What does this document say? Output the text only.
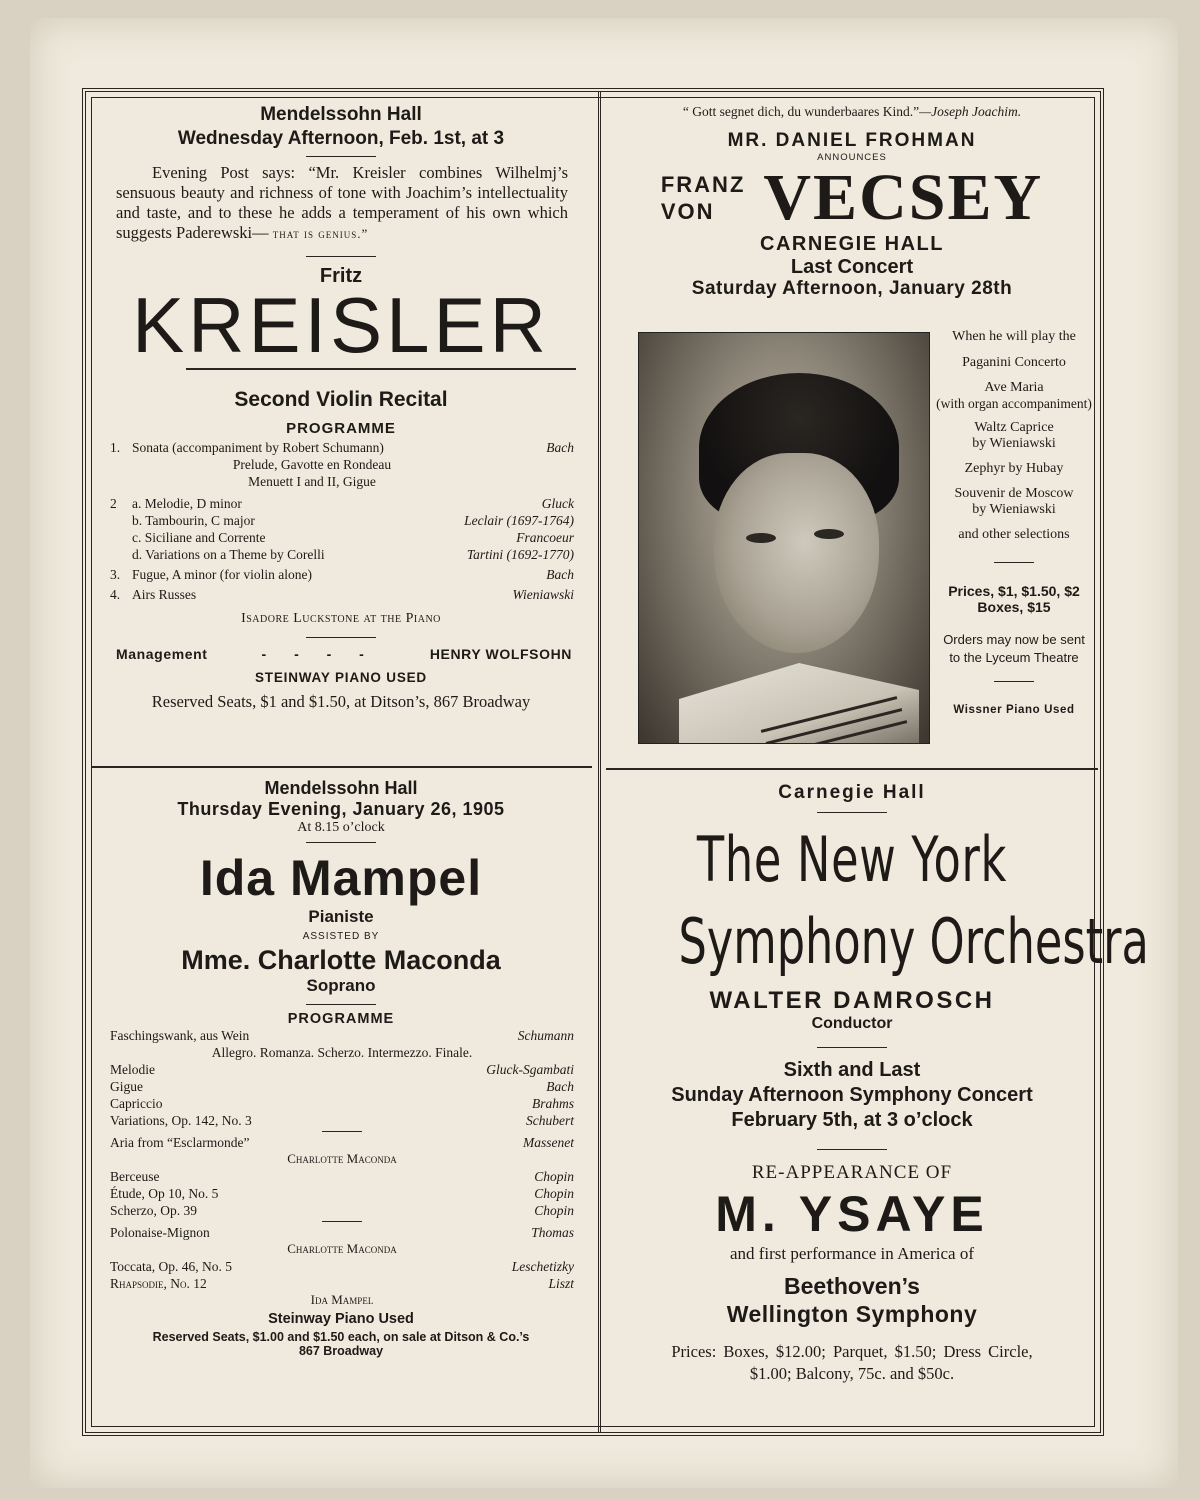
Mendelssohn Hall
Wednesday Afternoon, Feb. 1st, at 3
Evening Post says: “Mr. Kreisler combines Wilhelmj’s sensuous beauty and richness of tone with Joachim’s intellectuality and taste, and to these he adds a temperament of his own which suggests Paderewski— that is genius.”
Fritz
KREISLER
Second Violin Recital
PROGRAMME
1. Sonata (accompaniment by Robert Schumann)	Bach
Prelude, Gavotte en Rondeau
Menuett I and II, Gigue
2 a. Melodie, D minor	Gluck
b. Tambourin, C major	Leclair (1697-1764)
c. Siciliane and Corrente	Francoeur
d. Variations on a Theme by Corelli	Tartini (1692-1770)
3. Fugue, A minor (for violin alone)	Bach
4. Airs Russes	Wieniawski
Isadore Luckstone at the Piano
Management	- - - -	HENRY WOLFSOHN
STEINWAY PIANO USED
Reserved Seats, $1 and $1.50, at Ditson’s, 867 Broadway
Mendelssohn Hall
Thursday Evening, January 26, 1905
At 8.15 o’clock
Ida Mampel
Pianiste
ASSISTED BY
Mme. Charlotte Maconda
Soprano
PROGRAMME
Faschingswank, aus Wein	Schumann
Allegro. Romanza. Scherzo. Intermezzo. Finale.
Melodie	Gluck-Sgambati
Gigue	Bach
Capriccio	Brahms
Variations, Op. 142, No. 3	Schubert
Aria from “Esclarmonde”	Massenet
Charlotte Maconda
Berceuse	Chopin
Étude, Op 10, No. 5	Chopin
Scherzo, Op. 39	Chopin
Polonaise-Mignon	Thomas
Charlotte Maconda
Toccata, Op. 46, No. 5	Leschetizky
Rhapsodie, No. 12	Liszt
Ida Mampel
Steinway Piano Used
Reserved Seats, $1.00 and $1.50 each, on sale at Ditson & Co.’s
867 Broadway
“ Gott segnet dich, du wunderbaares Kind.”—Joseph Joachim.
MR. DANIEL FROHMAN
ANNOUNCES
FRANZ
VON VECSEY
CARNEGIE HALL
Last Concert
Saturday Afternoon, January 28th
When he will play the
Paganini Concerto
Ave Maria
(with organ accompaniment)
Waltz Caprice
by Wieniawski
Zephyr by Hubay
Souvenir de Moscow
by Wieniawski
and other selections
Prices, $1, $1.50, $2
Boxes, $15
Orders may now be sent
to the Lyceum Theatre
Wissner Piano Used
Carnegie Hall
The New York
Symphony Orchestra
WALTER DAMROSCH
Conductor
Sixth and Last
Sunday Afternoon Symphony Concert
February 5th, at 3 o’clock
RE-APPEARANCE OF
M. YSAYE
and first performance in America of
Beethoven’s
Wellington Symphony
Prices: Boxes, $12.00; Parquet, $1.50; Dress Circle,
$1.00; Balcony, 75c. and $50c.
